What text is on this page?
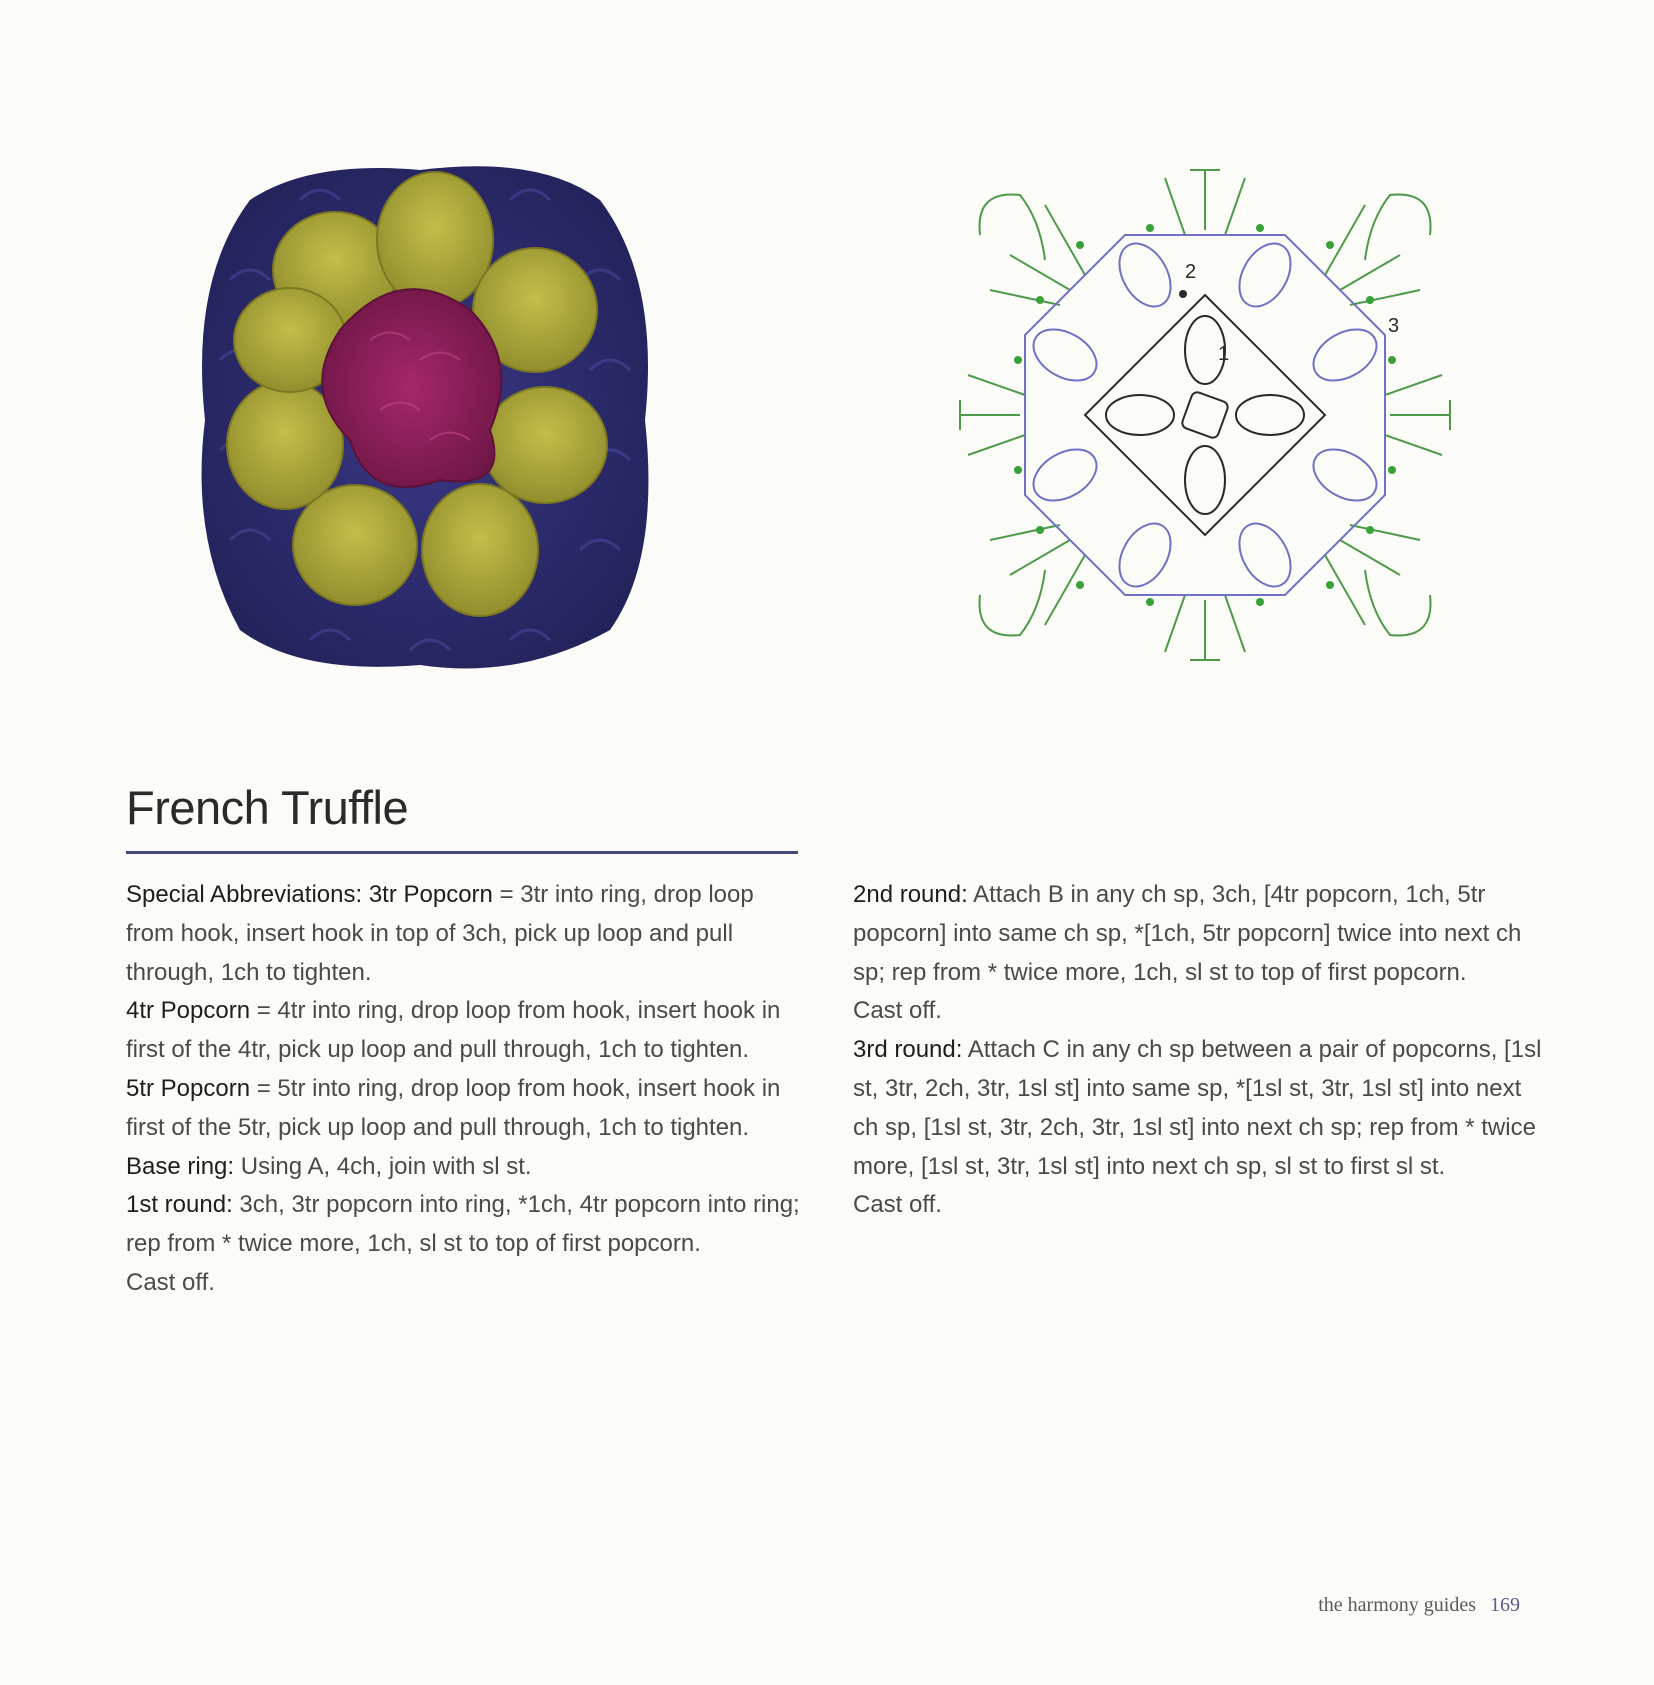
1
2
3
French Truffle

Special Abbreviations: 3tr Popcorn = 3tr into ring, drop loop from hook, insert hook in top of 3ch, pick up loop and pull through, 1ch to tighten.

4tr Popcorn = 4tr into ring, drop loop from hook, insert hook in first of the 4tr, pick up loop and pull through, 1ch to tighten.

5tr Popcorn = 5tr into ring, drop loop from hook, insert hook in first of the 5tr, pick up loop and pull through, 1ch to tighten.

Base ring: Using A, 4ch, join with sl st.

1st round: 3ch, 3tr popcorn into ring, *1ch, 4tr popcorn into ring; rep from * twice more, 1ch, sl st to top of first popcorn.

Cast off.

2nd round: Attach B in any ch sp, 3ch, [4tr popcorn, 1ch, 5tr popcorn] into same ch sp, *[1ch, 5tr popcorn] twice into next ch sp; rep from * twice more, 1ch, sl st to top of first popcorn.

Cast off.

3rd round: Attach C in any ch sp between a pair of popcorns, [1sl st, 3tr, 2ch, 3tr, 1sl st] into same sp, *[1sl st, 3tr, 1sl st] into next ch sp, [1sl st, 3tr, 2ch, 3tr, 1sl st] into next ch sp; rep from * twice more, [1sl st, 3tr, 1sl st] into next ch sp, sl st to first sl st.

Cast off.

the harmony guides 169
